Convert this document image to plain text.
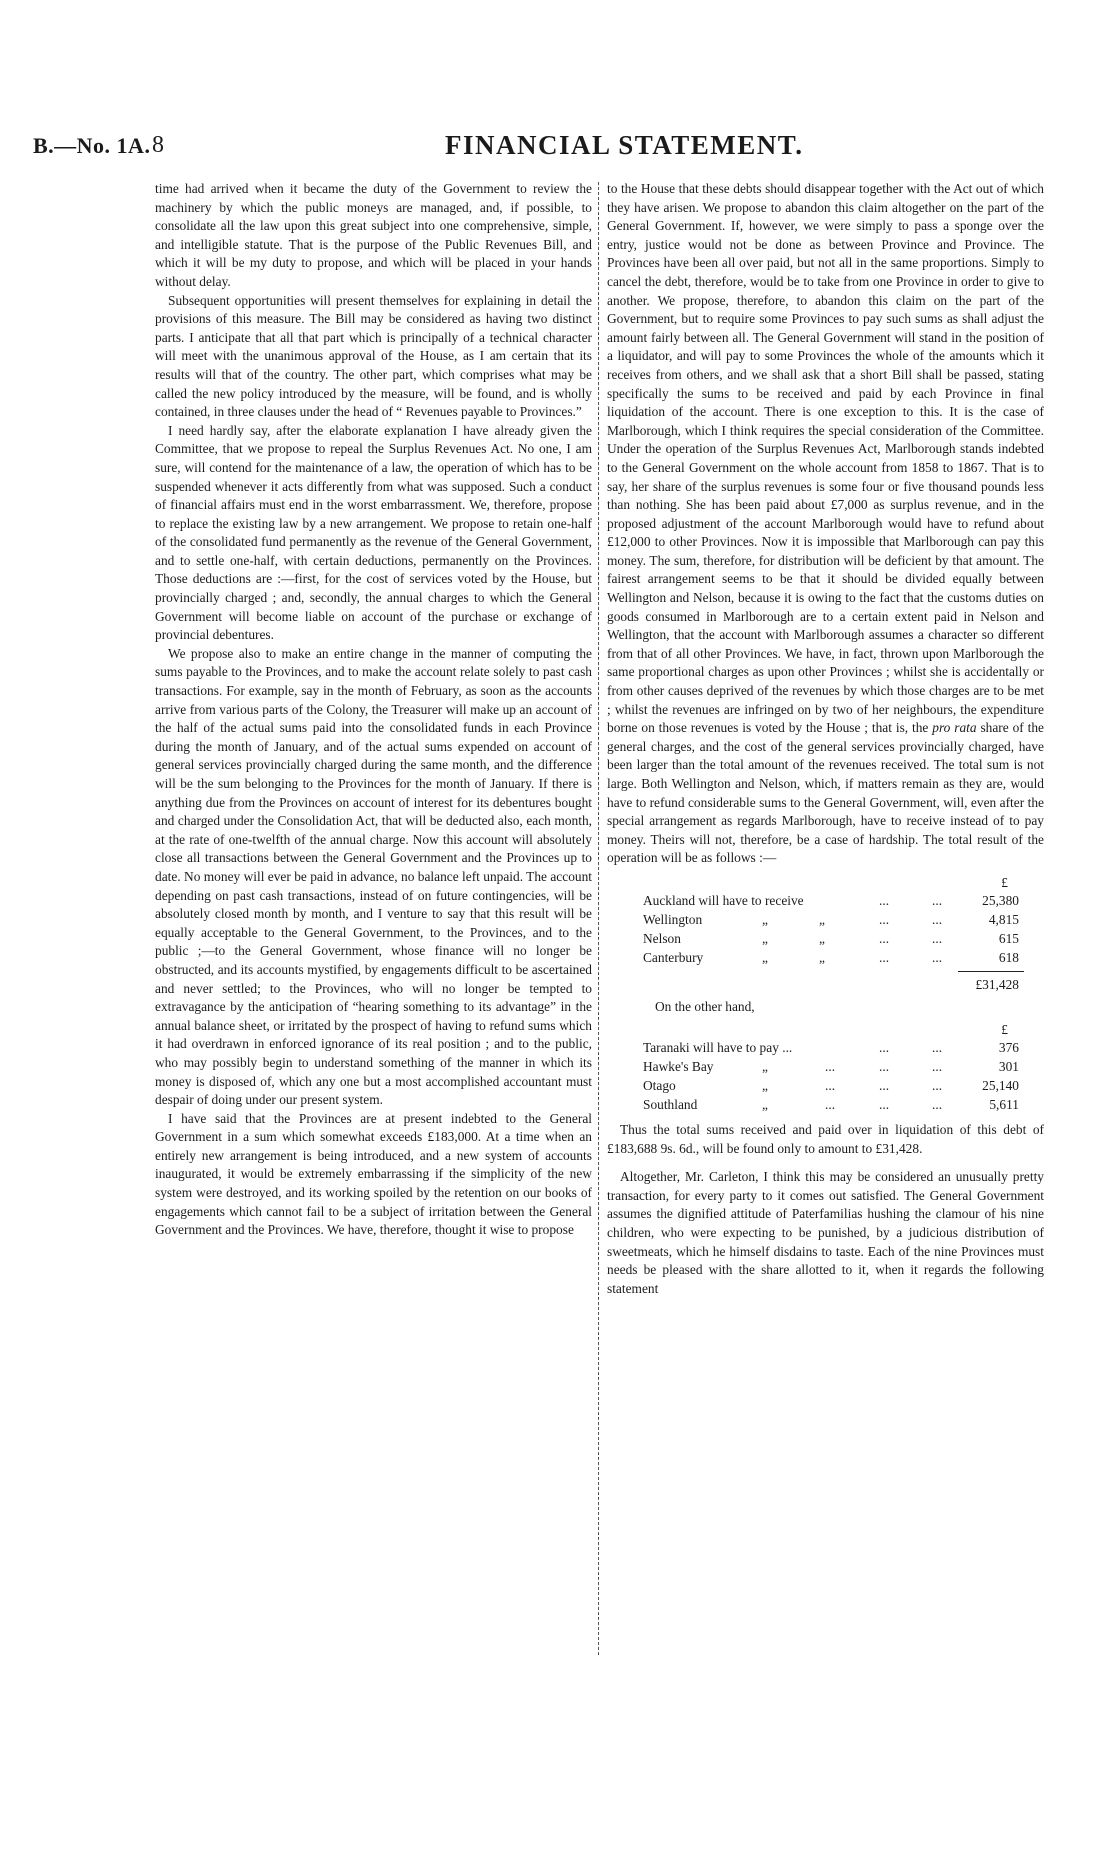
B.—No. 1A. 8	FINANCIAL STATEMENT.

time had arrived when it became the duty of the Government to review the machinery by which the public moneys are managed, and, if possible, to consolidate all the law upon this great subject into one comprehensive, simple, and intelligible statute. That is the purpose of the Public Revenues Bill, and which it will be my duty to propose, and which will be placed in your hands without delay.

Subsequent opportunities will present themselves for explaining in detail the provisions of this measure. The Bill may be considered as having two distinct parts. I anticipate that all that part which is principally of a technical character will meet with the unanimous approval of the House, as I am certain that its results will that of the country. The other part, which comprises what may be called the new policy introduced by the measure, will be found, and is wholly contained, in three clauses under the head of “ Revenues payable to Provinces.”

I need hardly say, after the elaborate explanation I have already given the Committee, that we propose to repeal the Surplus Revenues Act. No one, I am sure, will contend for the maintenance of a law, the operation of which has to be suspended whenever it acts differently from what was supposed. Such a conduct of financial affairs must end in the worst embarrassment. We, therefore, propose to replace the existing law by a new arrangement. We propose to retain one-half of the consolidated fund permanently as the revenue of the General Government, and to settle one-half, with certain deductions, permanently on the Provinces. Those deductions are :—first, for the cost of services voted by the House, but provincially charged ; and, secondly, the annual charges to which the General Government will become liable on account of the purchase or exchange of provincial debentures.

We propose also to make an entire change in the manner of computing the sums payable to the Provinces, and to make the account relate solely to past cash transactions. For example, say in the month of February, as soon as the accounts arrive from various parts of the Colony, the Treasurer will make up an account of the half of the actual sums paid into the consolidated funds in each Province during the month of January, and of the actual sums expended on account of general services provincially charged during the same month, and the difference will be the sum belonging to the Provinces for the month of January. If there is anything due from the Provinces on account of interest for its debentures bought and charged under the Consolidation Act, that will be deducted also, each month, at the rate of one-twelfth of the annual charge. Now this account will absolutely close all transactions between the General Government and the Provinces up to date. No money will ever be paid in advance, no balance left unpaid. The account depending on past cash transactions, instead of on future contingencies, will be absolutely closed month by month, and I venture to say that this result will be equally acceptable to the General Government, to the Provinces, and to the public ;—to the General Government, whose finance will no longer be obstructed, and its accounts mystified, by engagements difficult to be ascertained and never settled; to the Provinces, who will no longer be tempted to extravagance by the anticipation of “hearing something to its advantage” in the annual balance sheet, or irritated by the prospect of having to refund sums which it had overdrawn in enforced ignorance of its real position ; and to the public, who may possibly begin to understand something of the manner in which its money is disposed of, which any one but a most accomplished accountant must despair of doing under our present system.

I have said that the Provinces are at present indebted to the General Government in a sum which somewhat exceeds £183,000. At a time when an entirely new arrangement is being introduced, and a new system of accounts inaugurated, it would be extremely embarrassing if the simplicity of the new system were destroyed, and its working spoiled by the retention on our books of engagements which cannot fail to be a subject of irritation between the General Government and the Provinces. We have, therefore, thought it wise to propose

to the House that these debts should disappear together with the Act out of which they have arisen. We propose to abandon this claim altogether on the part of the General Government. If, however, we were simply to pass a sponge over the entry, justice would not be done as between Province and Province. The Provinces have been all over paid, but not all in the same proportions. Simply to cancel the debt, therefore, would be to take from one Province in order to give to another. We propose, therefore, to abandon this claim on the part of the Government, but to require some Provinces to pay such sums as shall adjust the amount fairly between all. The General Government will stand in the position of a liquidator, and will pay to some Provinces the whole of the amounts which it receives from others, and we shall ask that a short Bill shall be passed, stating specifically the sums to be received and paid by each Province in final liquidation of the account. There is one exception to this. It is the case of Marlborough, which I think requires the special consideration of the Committee. Under the operation of the Surplus Revenues Act, Marlborough stands indebted to the General Government on the whole account from 1858 to 1867. That is to say, her share of the surplus revenues is some four or five thousand pounds less than nothing. She has been paid about £7,000 as surplus revenue, and in the proposed adjustment of the account Marlborough would have to refund about £12,000 to other Provinces. Now it is impossible that Marlborough can pay this money. The sum, therefore, for distribution will be deficient by that amount. The fairest arrangement seems to be that it should be divided equally between Wellington and Nelson, because it is owing to the fact that the customs duties on goods consumed in Marlborough are to a certain extent paid in Nelson and Wellington, that the account with Marlborough assumes a character so different from that of all other Provinces. We have, in fact, thrown upon Marlborough the same proportional charges as upon other Provinces ; whilst she is accidentally or from other causes deprived of the revenues by which those charges are to be met ; whilst the revenues are infringed on by two of her neighbours, the expenditure borne on those revenues is voted by the House ; that is, the pro rata share of the general charges, and the cost of the general services provincially charged, have been larger than the total amount of the revenues received. The total sum is not large. Both Wellington and Nelson, which, if matters remain as they are, would have to refund considerable sums to the General Government, will, even after the special arrangement as regards Marlborough, have to receive instead of to pay money. Theirs will not, therefore, be a case of hardship. The total result of the operation will be as follows :—

£
Auckland will have to receive	...	...	25,380
Wellington	„	„	...	...	4,815
Nelson	„	„	...	...	615
Canterbury	„	„	...	...	618
£31,428
On the other hand,
£
Taranaki will have to pay ...	...	...	376
Hawke's Bay	„	...	...	...	301
Otago	„	...	...	...	25,140
Southland	„	...	...	...	5,611

Thus the total sums received and paid over in liquidation of this debt of £183,688 9s. 6d., will be found only to amount to £31,428.

Altogether, Mr. Carleton, I think this may be considered an unusually pretty transaction, for every party to it comes out satisfied. The General Government assumes the dignified attitude of Paterfamilias hushing the clamour of his nine children, who were expecting to be punished, by a judicious distribution of sweetmeats, which he himself disdains to taste. Each of the nine Provinces must needs be pleased with the share allotted to it, when it regards the following statement
